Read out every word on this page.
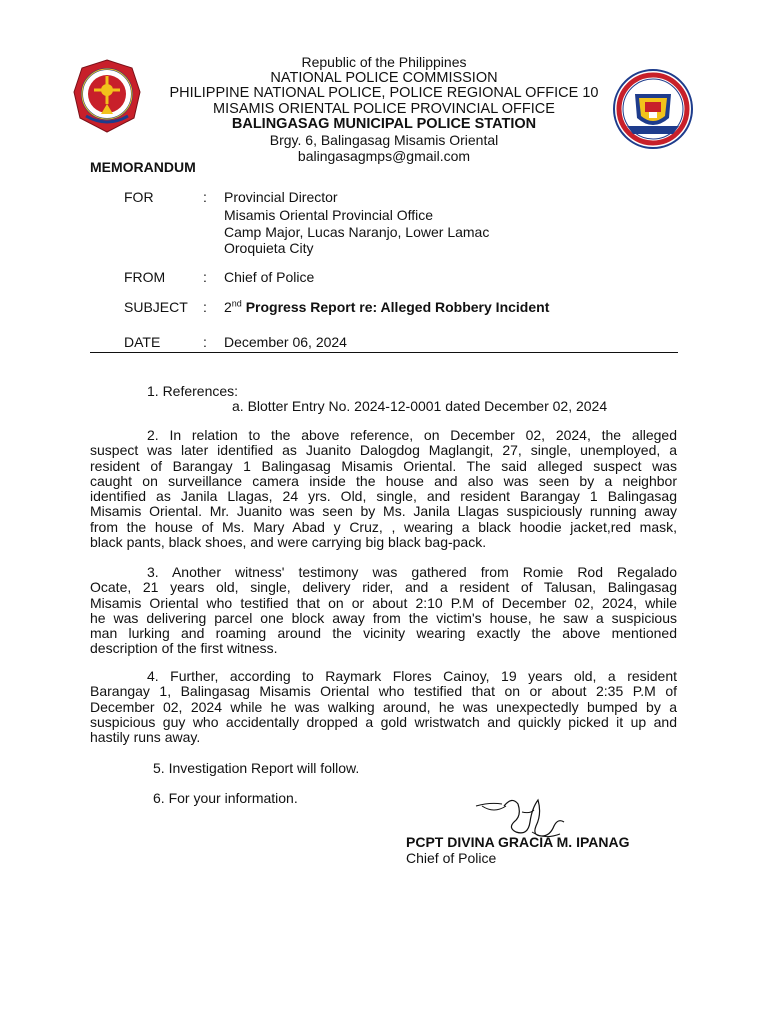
Republic of the Philippines
NATIONAL POLICE COMMISSION
PHILIPPINE NATIONAL POLICE, POLICE REGIONAL OFFICE 10
MISAMIS ORIENTAL POLICE PROVINCIAL OFFICE
BALINGASAG MUNICIPAL POLICE STATION
Brgy. 6, Balingasag Misamis Oriental
balingasagmps@gmail.com
MEMORANDUM
FOR	: Provincial Director
Misamis Oriental Provincial Office
Camp Major, Lucas Naranjo, Lower Lamac
Oroquieta City
FROM	: Chief of Police
SUBJECT : 2nd Progress Report re: Alleged Robbery Incident
DATE	: December 06, 2024
1. References:
a. Blotter Entry No. 2024-12-0001 dated December 02, 2024
2. In relation to the above reference, on December 02, 2024, the alleged
suspect was later identified as Juanito Dalogdog Maglangit, 27, single, unemployed, a
resident of Barangay 1 Balingasag Misamis Oriental. The said alleged suspect was
caught on surveillance camera inside the house and also was seen by a neighbor
identified as Janila Llagas, 24 yrs. Old, single, and resident Barangay 1 Balingasag
Misamis Oriental. Mr. Juanito was seen by Ms. Janila Llagas suspiciously running away
from the house of Ms. Mary Abad y Cruz, , wearing a black hoodie jacket,red mask,
black pants, black shoes, and were carrying big black bag-pack.
3. Another witness' testimony was gathered from Romie Rod Regalado
Ocate, 21 years old, single, delivery rider, and a resident of Talusan, Balingasag
Misamis Oriental who testified that on or about 2:10 P.M of December 02, 2024, while
he was delivering parcel one block away from the victim's house, he saw a suspicious
man lurking and roaming around the vicinity wearing exactly the above mentioned
description of the first witness.
4. Further, according to Raymark Flores Cainoy, 19 years old, a resident
Barangay 1, Balingasag Misamis Oriental who testified that on or about 2:35 P.M of
December 02, 2024 while he was walking around, he was unexpectedly bumped by a
suspicious guy who accidentally dropped a gold wristwatch and quickly picked it up and
hastily runs away.
5. Investigation Report will follow.
6. For your information.
PCPT DIVINA GRACIA M. IPANAG
Chief of Police
